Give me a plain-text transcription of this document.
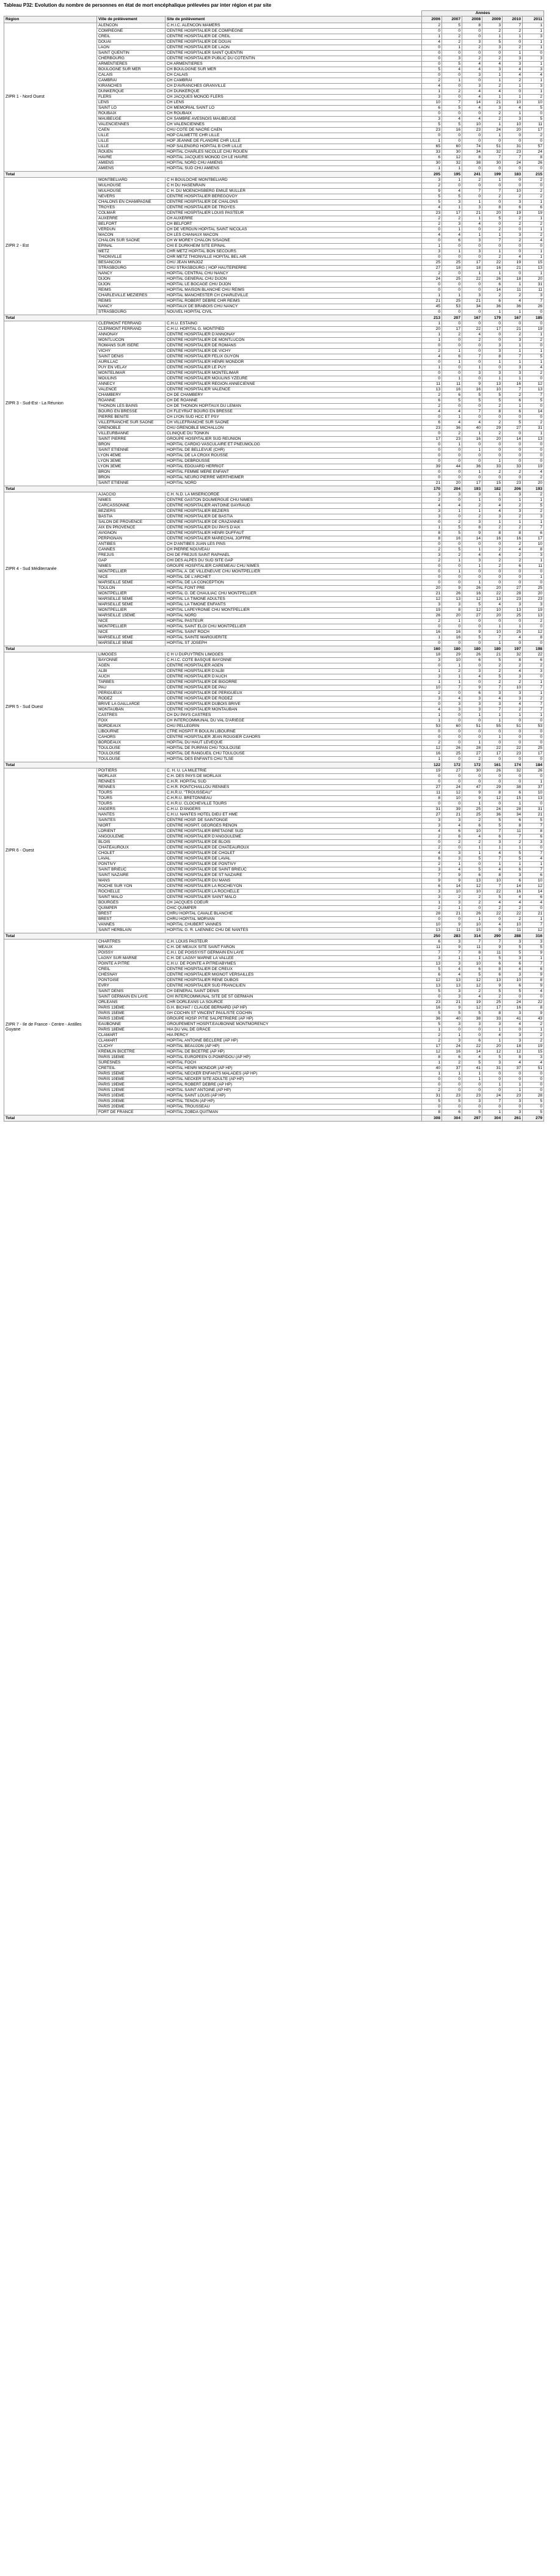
Tableau P32: Evolution du nombre de personnes en état de mort encéphalique prélevées par inter région et par site
			Années					
Région	Ville de prélèvement	Site de prélèvement	2006	2007	2008	2009	2010	2011
ZIPR 1 - Nord Ouest	ALENCON	C.H.I.C. ALENCON MAMERS	2	5	8	3	7	1
	COMPIEGNE	CENTRE HOSPITALIER DE COMPIEGNE	0	0	0	2	2	1
	CREIL	CENTRE HOSPITALIER DE CREIL	1	2	0	1	1	3
	DOUAI	CENTRE HOSPITALIER DE DOUAI	4	2	3	5	0	1
	LAON	CENTRE HOSPITALIER DE LAON	0	1	2	3	2	1
	SAINT QUENTIN	CENTRE HOSPITALIER SAINT QUENTIN	0	0	0	0	1	0
	CHERBOURG	CENTRE HOSPITALIER PUBLIC DU COTENTIN	0	3	2	2	3	3
	ARMENTIERES	CH ARMENTIERES	0	5	4	4	3	1
	BOULOGNE SUR MER	CH BOULOGNE SUR MER	5	4	4	3	4	3
	CALAIS	CH CALAIS	0	0	3	1	4	4
	CAMBRAI	CH CAMBRAI	2	1	0	1	2	1
	KIRANCHES	CH D'AVRANCHES GRANVILLE	4	0	3	2	1	3
	DUNKERQUE	CH DUNKERQUE	1	2	4	4	0	1
	FLERS	CH JACQUES MONOD FLERS	3	0	4	1	1	2
	LENS	CH LENS	10	7	14	21	10	10
	SAINT LO	CH MEMORIAL SAINT LO	6	5	4	3	4	5
	ROUBAIX	CH ROUBAIX	0	0	0	2	1	0
	MAUBEUGE	CH SAMBRE AVESNOIS MAUBEUGE	3	4	4	2	3	5
	VALENCIENNES	CH VALENCIENNES	5	5	10	1	10	11
	CAEN	CHU COTE DE NACRE CAEN	23	16	23	24	20	17
	LILLE	HOP CALMETTE CHR LILLE	0	0	0	1	0	2
	LILLE	HOP JEANNE DE FLANDRE CHR LILLE	1	0	0	0	0	0
	LILLE	HOP SALENGRO HOPITAL B CHR LILLE	65	60	74	51	31	57
	ROUEN	HOPITAL CHARLES NICOLLE CHU ROUEN	33	30	34	32	23	24
	HAVRE	HOPITAL JACQUES MONOD CH LE HAVRE	6	12	8	7	7	8
	AMIENS	HOPITAL NORD CHU AMIENS	30	32	38	30	24	26
	AMIENS	HOPITAL SUD CHU AMIENS	1	1	0	0	0	0
Total			205	195	241	199	183	215
ZIPR 2 - Est	MONTBELIARD	C H BOULOCHE MONTBELIARD	3	1	2	1	0	2
	MULHOUSE	C H DU HASENRAIN	2	0	0	0	0	0
	MULHOUSE	C H. DU MOENCHSBERG EMILE MULLER	9	4	7	7	10	2
	NEVERS	CENTRE HOSPITALIER BEREGOVOY	5	5	0	2	2	2
	CHALONS EN CHAMPAGNE	CENTRE HOSPITALIER DE CHALONS	5	3	1	0	3	1
	TROYES	CENTRE HOSPITALIER DE TROYES	4	1	3	8	6	6
	COLMAR	CENTRE HOSPITALIER LOUIS PASTEUR	23	17	21	20	19	19
	AUXERRE	CH AUXERRE	2	2	1	5	2	1
	BELFORT	CH BELFORT	2	3	4	0	2	2
	VERDUN	CH DE VERDUN HOPITAL SAINT NICOLAS	0	1	0	2	0	1
	MACON	CH LES CHANAUX MACON	4	4	1	1	3	2
	CHALON SUR SAONE	CH W MOREY CHALON S/SAONE	0	6	3	7	2	4
	EPINAL	CHI E DURKHEIM SITE EPINAL	1	0	0	0	0	0
	METZ	CHR METZ HOPITAL BON SECOURS	3	1	3	1	0	1
	THIONVILLE	CHR METZ THIONVILLE HOPITAL BEL AIR	0	0	0	2	4	1
	BESANCON	CHU JEAN MINJOZ	25	25	17	22	19	15
	STRASBOURG	CHU STRASBOURG ( HOP HAUTEPIERRE	27	18	18	16	21	13
	NANCY	HOPITAL CENTRAL CHU NANCY	2	0	1	1	0	1
	DIJON	HOPITAL GENERAL CHU DIJON	24	25	22	26	18	20
	DIJON	HOPITAL LE BOCAGE CHU DIJON	0	0	0	6	1	31
	REIMS	HOPITAL MAISON BLANCHE CHU REIMS	0	0	0	14	11	11
	CHARLEVILLE MEZIERES	HOPITAL MANCHESTER CH CHARLEVILLE	1	1	3	2	2	3
	REIMS	HOPITAL ROBERT DEBRE CHR REIMS	21	25	21	6	4	7
	NANCY	HOPITAUX DE BRABOIS CHU NANCY	45	53	34	36	36	26
	STRASBOURG	NOUVEL HOPITAL CIVIL	0	0	0	1	1	0
Total			213	207	167	179	167	185
ZIPR 3 - Sud-Est - La Réunion	CLERMONT FERRAND	C.H.U. ESTAING	1	0	0	0	0	0
	CLERMONT FERRAND	C.H.U. HOPITAL G. MONTPIED	20	17	22	17	21	19
	ANNONAY	CENTRE HOSPITALIER D'ANNONAY	1	2	4	0	2	1
	MONTLUCON	CENTRE HOSPITALIER DE MONTLUCON	1	0	2	0	3	2
	ROMANS SUR ISERE	CENTRE HOSPITALIER DE ROMANS	0	0	0	3	1	0
	VICHY	CENTRE HOSPITALIER DE VICHY	2	1	0	3	1	1
	SAINT DENIS	CENTRE HOSPITALIER FELIX GUYON	4	6	7	8	7	5
	AURILLAC	CENTRE HOSPITALIER HENRI MONDOR	0	1	0	1	1	1
	PUY EN VELAY	CENTRE HOSPITALIER LE PUY	1	0	1	0	3	4
	MONTELIMAR	CENTRE HOSPITALIER MONTELIMAR	0	0	3	3	3	2
	MOULINS	CENTRE HOSPITALIER MOULINS YZEURE	0	1	0	1	1	0
	ANNECY	CENTRE HOSPITALIER REGION ANNECIENNE	11	11	9	13	16	12
	VALENCE	CENTRE HOSPITALIER VALENCE	13	16	16	10	7	13
	CHAMBERY	CH DE CHAMBERY	2	6	5	5	2	7
	ROANNE	CH DE ROANNE	6	5	5	5	6	5
	THONON LES BAINS	CH DE THONON HOPITAUX DU LEMAN	2	0	0	2	1	0
	BOURG EN BRESSE	CH FLEYRIAT BOURG EN BRESSE	4	4	7	8	6	14
	PIERRE BENITE	CH LYON SUD HCC ET PSY	0	1	0	0	0	0
	VILLEFRANCHE SUR SAONE	CH VILLEFRANCHE SUR SAONE	6	4	4	2	5	2
	GRENOBLE	CHU GRENOBLE MICHALLON	23	36	40	29	27	31
	VILLEURBANNE	CLINIQUE DU TONKIN	0	2	1	2	0	1
	SAINT PIERRE	GROUPE HOSPITALIER SUD REUNION	17	23	16	20	14	13
	BRON	HOPITAL CARDIO VASCULAIRE ET PNEUMOLOG	0	1	0	0	0	0
	SAINT ETIENNE	HOPITAL DE BELLEVUE (CHR)	0	0	1	0	0	0
	LYON 4EME	HOPITAL DE LA CROIX ROUSSE	0	0	0	0	0	0
	LYON 3EME	HOPITAL DEBROUSSE	0	0	0	1	0	0
	LYON 3EME	HOPITAL EDOUARD HERRIOT	39	44	36	33	33	19
	BRON	HOPITAL FEMME MERE ENFANT	0	0	1	2	2	4
	BRON	HOPITAL NEURO PIERRE WERTHEIMER	0	0	0	0	0	2
	SAINT ETIENNE	HOPITAL NORD	21	20	17	15	23	20
Total			170	204	193	182	206	193
ZIPR 4 - Sud Méditerranée	AJACCIO	C.H. N.D. LA MISERICORDE	3	3	3	1	3	2
	NIMES	CENTRE GASTON DOUMERGUE CHU NIMES	2	0	1	0	1	1
	CARCASSONNE	CENTRE HOSPITALIER ANTOINE GAYRAUD	4	4	2	4	2	5
	BEZIERS	CENTRE HOSPITALIER BEZIERS	3	1	1	4	3	2
	BASTIA	CENTRE HOSPITALIER DE BASTIA	3	0	2	3	2	3
	SALON DE PROVENCE	CENTRE HOSPITALIER DE CRAZANNES	0	2	3	1	1	1
	AIX EN PROVENCE	CENTRE HOSPITALIER DU PAYS D'AIX	1	5	8	2	2	7
	AVIGNON	CENTRE HOSPITALIER HENRI DUFFAUT	8	5	9	8	8	6
	PERPIGNAN	CENTRE HOSPITALIER MARECHAL JOFFRE	8	16	14	16	16	17
	ANTIBES	CH D'ANTIBES JUAN LES PINS	0	0	0	0	2	10
	CANNES	CH PIERRE NOUVEAU	2	5	1	2	4	8
	FREJUS	CHI DE FREJUS SAINT RAPHAEL	3	2	4	4	2	3
	GAP	CHI DES ALPES DU SUD SITE GAP	2	1	3	2	2	1
	NIMES	GROUPE HOSPITALIER CAREMEAU CHU NIMES	0	0	1	2	6	11
	MONTPELLIER	HOPITAL A. DE VILLENEUVE CHU MONTPELLIER	0	1	0	0	0	0
	NICE	HOPITAL DE L'ARCHET	0	0	0	0	0	1
	MARSEILLE 5EME	HOPITAL DE LA CONCEPTION	0	0	1	0	0	0
	TOULON	HOPITAL FONT PRE	20	9	26	20	27	25
	MONTPELLIER	HOPITAL G. DE CHAULIAC CHU MONTPELLIER	21	26	16	22	28	20
	MARSEILLE 5EME	HOPITAL LA TIMONE ADULTES	12	13	12	13	23	23
	MARSEILLE 5EME	HOPITAL LA TIMONE ENFANTS	3	3	5	4	3	3
	MONTPELLIER	HOPITAL LAPEYRONIE CHU MONTPELLIER	19	8	12	10	13	19
	MARSEILLE 15EME	HOPITAL NORD	26	20	27	20	25	13
	NICE	HOPITAL PASTEUR	2	1	0	0	0	2
	MONTPELLIER	HOPITAL SAINT ELOI CHU MONTPELLIER	0	0	0	1	1	0
	NICE	HOPITAL SAINT ROCH	16	16	9	10	25	12
	MARSEILLE 9EME	HOPITAL SAINTE MARGUERITE	1	16	5	7	4	8
	MARSEILLE 9EME	HOPITAL ST JOSEPH	0	0	0	1	0	0
Total			160	180	180	180	197	198
ZIPR 5 - Sud Ouest	LIMOGES	C H U DUPUYTREN LIMOGES	18	29	26	21	32	22
	BAYONNE	C.H.I.C. COTE BASQUE BAYONNE	3	10	6	5	8	6
	AGEN	CENTRE HOSPITALIER AGEN	0	1	0	2	2	2
	ALBI	CENTRE HOSPITALIER D'ALBI	1	2	3	2	4	3
	AUCH	CENTRE HOSPITALIER D'AUCH	3	1	4	5	3	0
	TARBES	CENTRE HOSPITALIER DE BIGORRE	1	1	0	2	2	1
	PAU	CENTRE HOSPITALIER DE PAU	10	7	9	7	10	7
	PERIGUEUX	CENTRE HOSPITALIER DE PERIGUEUX	2	0	6	3	3	1
	RODEZ	CENTRE HOSPITALIER DE RODEZ	3	4	3	4	3	2
	BRIVE LA GAILLARDE	CENTRE HOSPITALIER DUBOIS BRIVE	0	3	3	3	4	7
	MONTAUBAN	CENTRE HOSPITALIER MONTAUBAN	4	3	3	7	2	7
	CASTRES	CH DU PAYS CASTRES	1	0	1	1	1	1
	FOIX	CH INTERCOMMUNAL DU VAL D'ARIEGE	1	0	0	1	0	0
	BORDEAUX	CHU PELLEGRIN	53	60	51	55	51	53
	LIBOURNE	CTRE HOSPIT R BOULIN LIBOURNE	0	0	0	0	0	0
	CAHORS	CENTRE HOSPITALIER JEAN ROUGIER CAHORS	0	0	0	1	0	0
	BORDEAUX	HOPITAL DU HAUT LEVEQUE	2	0	1	0	0	0
	TOULOUSE	HOPITAL DE PURPAN CHU TOULOUSE	12	26	28	22	22	25
	TOULOUSE	HOPITAL DE RANGUEIL CHU TOULOUSE	16	25	27	17	23	17
	TOULOUSE	HOPITAL DES ENFANTS CHU TLSE	1	0	2	0	0	0
Total			122	172	172	161	174	184
ZIPR 6 - Ouest	POITIERS	C. H. U. LA MILETRIE	19	27	30	26	32	26
	MORLAIX	C.H. DES PAYS DE MORLAIX	0	0	0	0	0	0
	RENNES	C.H.R. HOPITAL SUD	0	0	0	0	0	1
	RENNES	C.H.R. PONTCHAILLOU RENNES	27	24	47	29	38	37
	TOURS	C.H.R.U. "TROUSSEAU"	11	12	9	8	6	10
	TOURS	C.H.R.U. BRETONNEAU	8	10	9	12	15	13
	TOURS	C.H.R.U. CLOCHEVILLE TOURS	0	0	1	0	1	0
	ANGERS	C.H.U. D'ANGERS	31	39	25	24	28	31
	NANTES	C.H.U. NANTES HOTEL DIEU ET HME	27	21	25	36	34	21
	SAINTES	CENTRE HOSP. DE SAINTONGE	3	3	2	5	6	5
	NIORT	CENTRE HOSPIT. GEORGES RENON	3	4	6	5	8	7
	LORIENT	CENTRE HOSPITALIER BRETAGNE SUD	4	6	10	7	11	8
	ANGOULEME	CENTRE HOSPITALIER D'ANGOULEME	2	6	4	6	7	6
	BLOIS	CENTRE HOSPITALIER DE BLOIS	0	2	2	3	2	3
	CHATEAUROUX	CENTRE HOSPITALIER DE CHATEAUROUX	2	0	1	1	1	0
	CHOLET	CENTRE HOSPITALIER DE CHOLET	4	3	1	4	5	7
	LAVAL	CENTRE HOSPITALIER DE LAVAL	6	3	5	7	5	4
	PONTIVY	CENTRE HOSPITALIER DE PONTIVY	2	1	0	1	1	1
	SAINT BRIEUC	CENTRE HOSPITALIER DE SAINT BRIEUC	3	4	5	4	6	7
	SAINT NAZAIRE	CENTRE HOSPITALIER DE ST NAZAIRE	7	9	6	8	3	6
	MANS	CENTRE HOSPITALIER DU MANS	9	9	13	10	6	10
	ROCHE SUR YON	CENTRE HOSPITALIER LA ROCHE/YON	6	14	12	7	14	12
	ROCHELLE	CENTRE HOSPITALIER LA ROCHELLE	3	10	10	22	16	14
	SAINT MALO	CENTRE HOSPITALIER SAINT MALO	3	2	2	5	4	6
	BOURGES	CH JACQUES COEUR	1	3	2	4	4	4
	QUIMPER	CHIC QUIMPER	2	1	0	2	2	0
	BREST	CHRU HOPITAL CAVALE BLANCHE	28	21	26	22	22	21
	BREST	CHRU HOPITAL MORVAN	0	0	1	0	2	1
	VANNES	HOPITAL CHUBERT VANNES	10	9	10	4	10	7
	SAINT HERBLAIN	HOPITAL G. R. LAENNEC CHU DE NANTES	13	11	15	9	11	12
Total			250	283	314	290	288	316
ZIPR 7 - Ile de France - Centre - Antilles Guyane	CHARTRES	C.H. LOUIS PASTEUR	6	3	7	7	3	3
	MEAUX	C.H. DE MEAUX SITE SAINT FARON	11	9	11	9	5	5
	POISSY	C.H.I. DE POISSY/ST GERMAIN EN LAYE	7	7	8	11	5	9
	LAGNY SUR MARNE	C.H. DE LAGNY MARNE LA VALLEE	3	1	1	5	3	1
	POINTE A PITRE	C.H.U. DE POINTE A PITRE/ABYMES	13	3	10	6	6	7
	CREIL	CENTRE HOSPITALIER DE CREUX	5	4	6	8	4	6
	CHESNAY	CENTRE HOSPITALIER MIGNOT VERSAILLES	6	4	5	6	3	9
	PONTOISE	CENTRE HOSPITALIER RENE DUBOS	12	13	12	13	10	8
	EVRY	CENTRE HOSPITALIER SUD FRANCILIEN	13	13	12	9	6	9
	SAINT DENIS	CH GENERAL SAINT DENIS	5	3	2	5	5	4
	SAINT GERMAIN EN LAYE	CHI INTERCOMMUNAL SITE DE ST GERMAIN	0	3	4	2	0	0
	ORLEANS	CHR DORLEANS LA SOURCE	23	21	19	25	24	22
	PARIS 13EME	G.H. BICHAT / CLAUDE BERNARD (AP HP)	16	9	12	17	16	8
	PARIS 15EME	GH COCHIN ST VINCENT PAUL/STE COCHIN	5	5	5	8	3	9
	PARIS 13EME	GROUPE HOSP. PITIE SALPETRIERE (AP HP)	36	40	38	33	41	43
	EAUBONNE	GROUPEMENT HOSPIT.EAUBONNE MONTMORENCY	5	3	3	3	4	2
	PARIS 18EME	HIA DU VAL DE GRACE	1	0	0	1	0	1
	CLAMART	HIA PERCY	2	1	0	4	3	2
	CLAMART	HOPITAL ANTOINE BECLERE (AP HP)	2	3	6	1	3	2
	CLICHY	HOPITAL BEAUJON (AP HP)	17	24	22	20	18	19
	KREMLIN BICETRE	HOPITAL DE BICETRE (AP HP)	12	16	14	12	12	15
	PARIS 15EME	HOPITAL EUROPEEN G.POMPIDOU (AP HP)	8	6	4	5	8	3
	SURESNES	HOPITAL FOCH	1	2	5	3	4	4
	CRETEIL	HOPITAL HENRI MONDOR (AP HP)	40	37	41	31	37	51
	PARIS 15EME	HOPITAL NECKER ENFANTS MALADES (AP HP)	1	1	1	0	0	0
	PARIS 10EME	HOPITAL NECKER SITE ADULTE (AP HP)	0	0	1	0	0	0
	PARIS 19EME	HOPITAL ROBERT DEBRE (AP HP)	0	0	0	1	1	0
	PARIS 12EME	HOPITAL SAINT ANTOINE (AP HP)	2	0	0	0	1	0
	PARIS 10EME	HOPITAL SAINT LOUIS (AP HP)	31	23	23	24	23	28
	PARIS 20EME	HOPITAL TENON (AP HP)	5	5	3	7	3	5
	PARIS 20EME	HOPITAL TROUSSEAU	0	0	0	0	0	0
	FORT DE FRANCE	HOPITAL ZOBDA QUITMAN	8	6	5	1	3	5
Total			308	304	297	304	261	279
